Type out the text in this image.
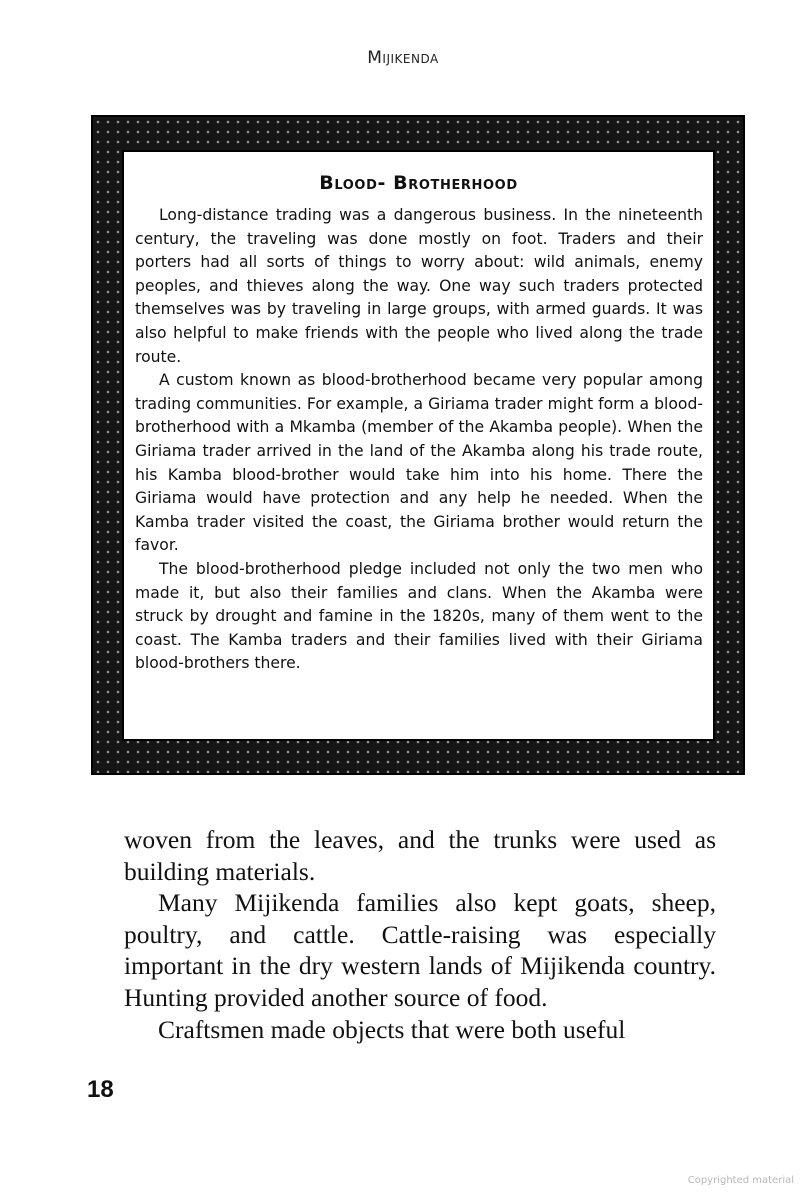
Mijikenda
Blood- Brotherhood

Long-distance trading was a dangerous business. In the nineteenth century, the traveling was done mostly on foot. Traders and their porters had all sorts of things to worry about: wild animals, enemy peoples, and thieves along the way. One way such traders protected themselves was by traveling in large groups, with armed guards. It was also helpful to make friends with the people who lived along the trade route.

A custom known as blood-brotherhood became very popular among trading communities. For example, a Giriama trader might form a blood-brotherhood with a Mkamba (member of the Akamba people). When the Giriama trader arrived in the land of the Akamba along his trade route, his Kamba blood-brother would take him into his home. There the Giriama would have protection and any help he needed. When the Kamba trader visited the coast, the Giriama brother would return the favor.

The blood-brotherhood pledge included not only the two men who made it, but also their families and clans. When the Akamba were struck by drought and famine in the 1820s, many of them went to the coast. The Kamba traders and their families lived with their Giriama blood-brothers there.

woven from the leaves, and the trunks were used as building materials.

Many Mijikenda families also kept goats, sheep, poultry, and cattle. Cattle-raising was especially important in the dry western lands of Mijikenda country. Hunting provided another source of food.

Craftsmen made objects that were both useful

18
Copyrighted material
